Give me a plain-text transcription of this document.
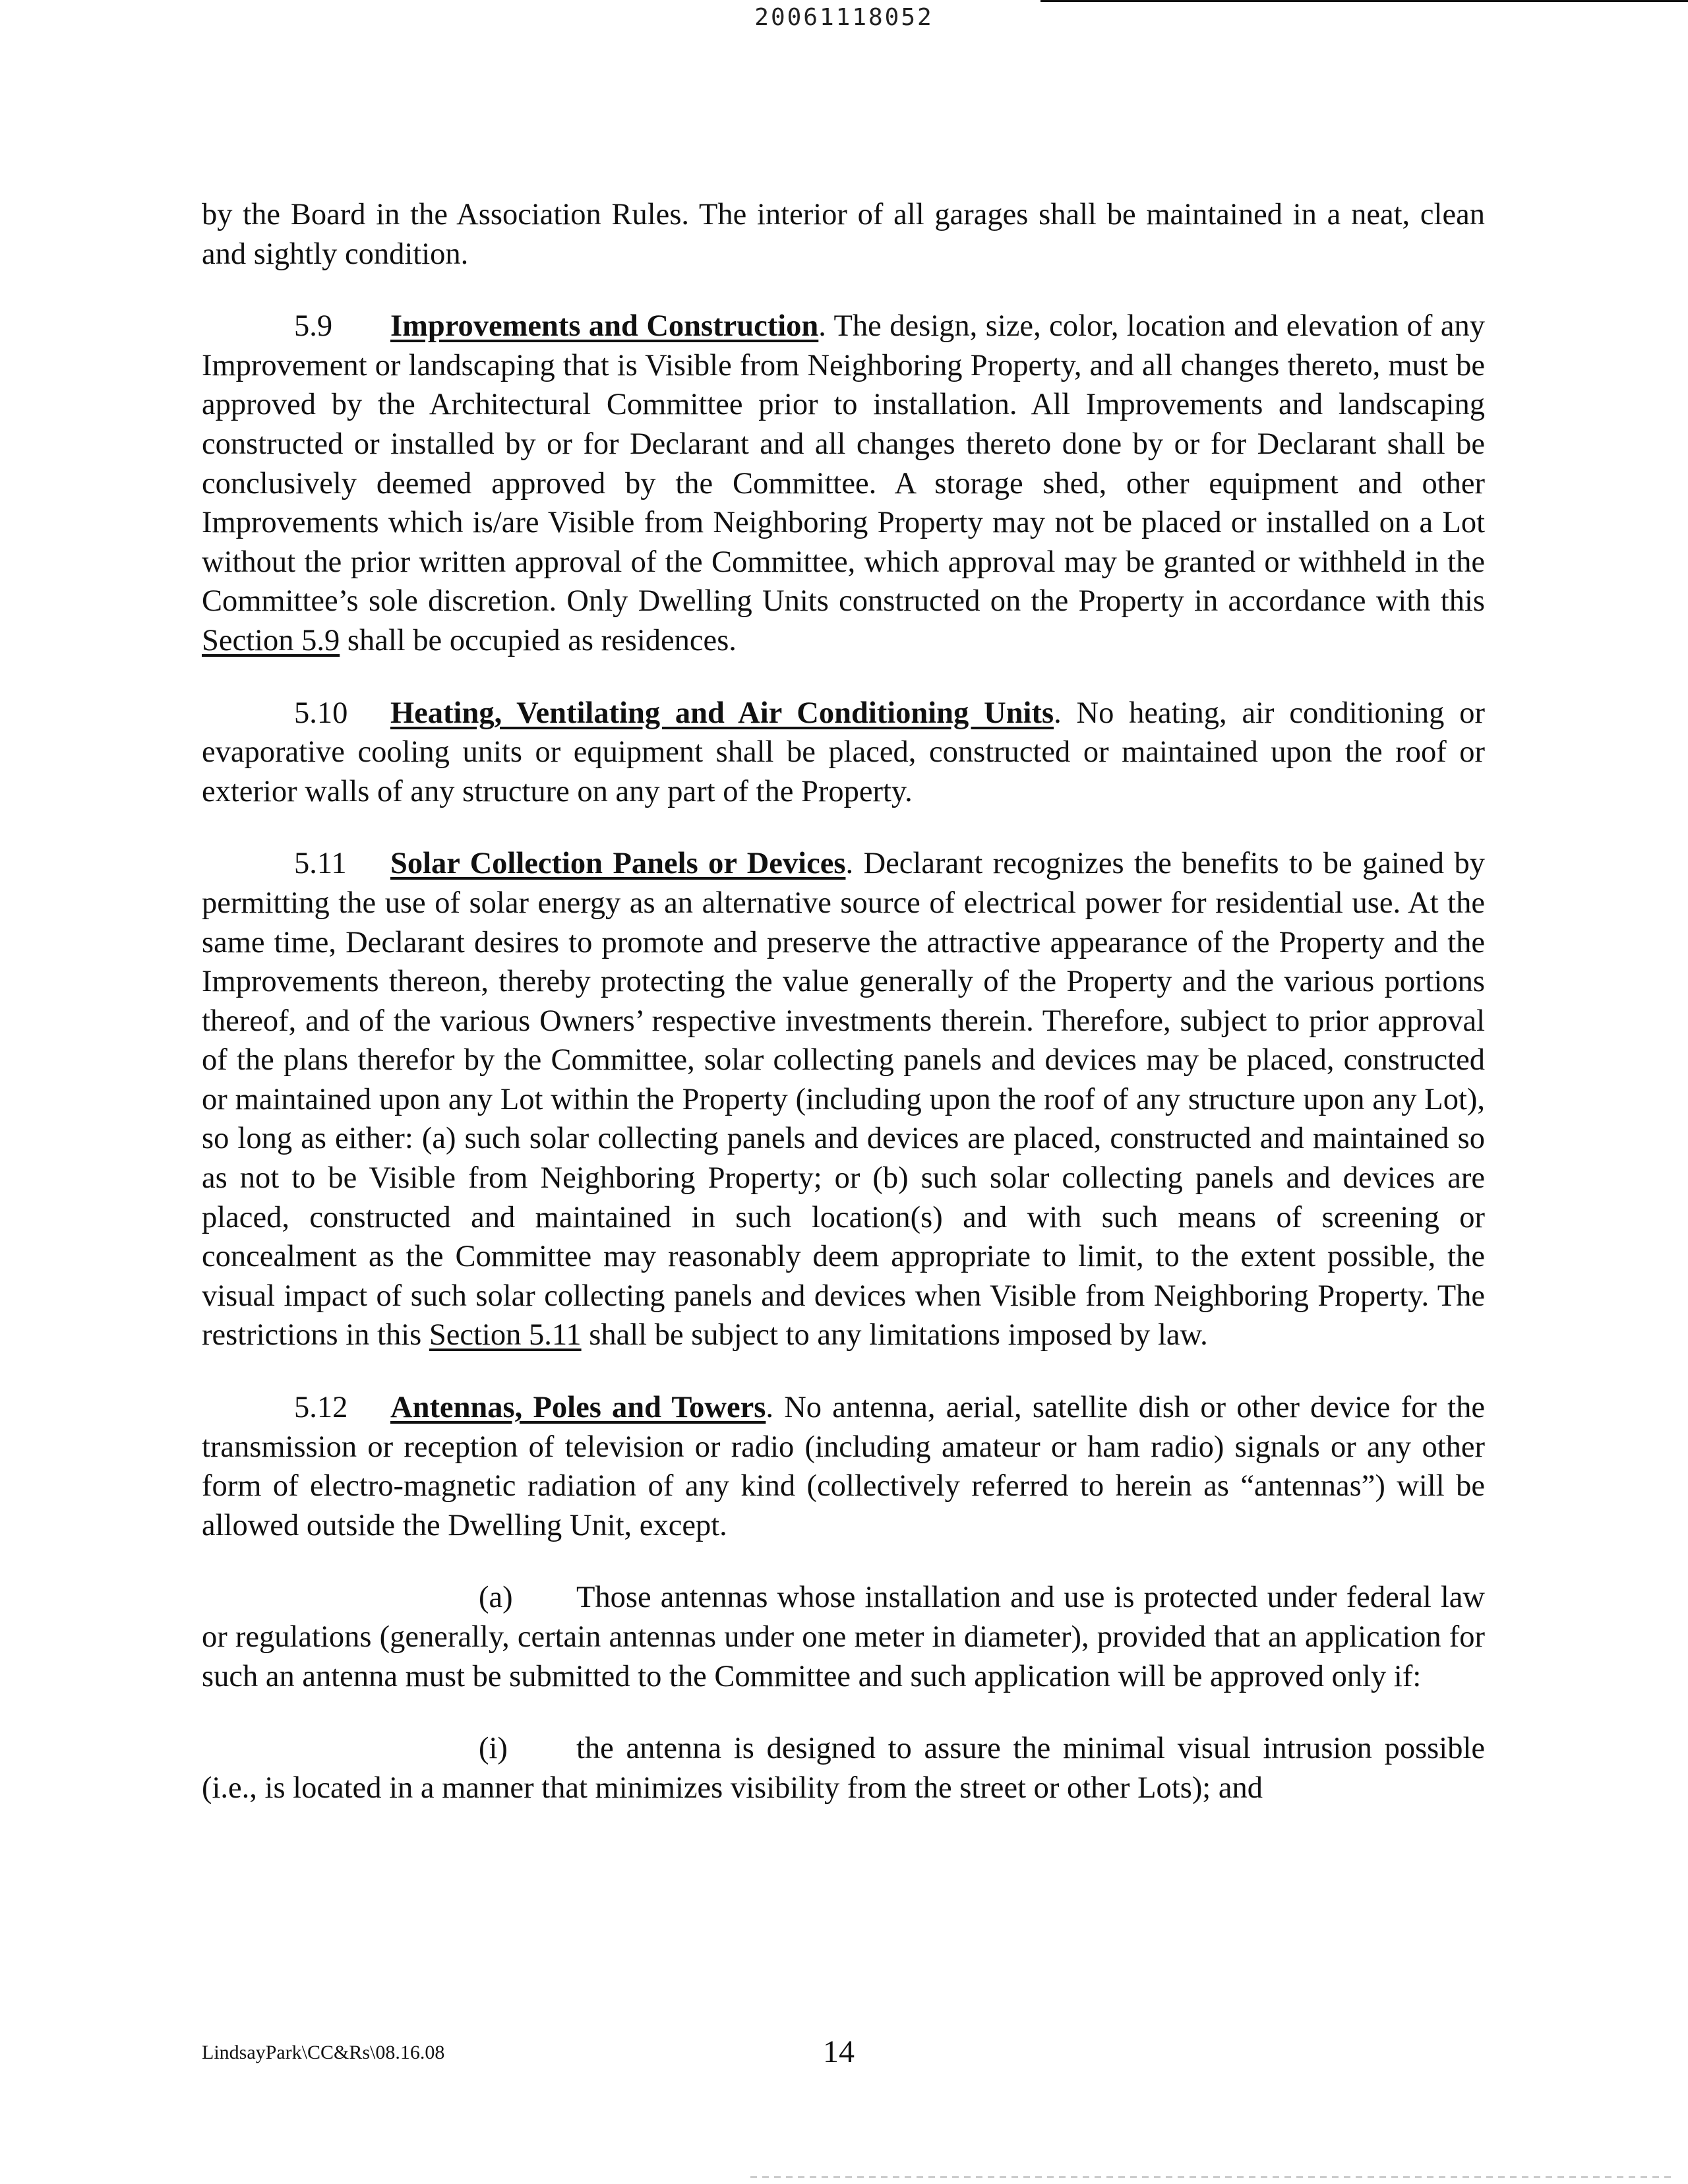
20061118052

by the Board in the Association Rules. The interior of all garages shall be maintained in a neat, clean and sightly condition.

5.9 Improvements and Construction. The design, size, color, location and elevation of any Improvement or landscaping that is Visible from Neighboring Property, and all changes thereto, must be approved by the Architectural Committee prior to installation. All Improvements and landscaping constructed or installed by or for Declarant and all changes thereto done by or for Declarant shall be conclusively deemed approved by the Committee. A storage shed, other equipment and other Improvements which is/are Visible from Neighboring Property may not be placed or installed on a Lot without the prior written approval of the Committee, which approval may be granted or withheld in the Committee’s sole discretion. Only Dwelling Units constructed on the Property in accordance with this Section 5.9 shall be occupied as residences.

5.10 Heating, Ventilating and Air Conditioning Units. No heating, air conditioning or evaporative cooling units or equipment shall be placed, constructed or maintained upon the roof or exterior walls of any structure on any part of the Property.

5.11 Solar Collection Panels or Devices. Declarant recognizes the benefits to be gained by permitting the use of solar energy as an alternative source of electrical power for residential use. At the same time, Declarant desires to promote and preserve the attractive appearance of the Property and the Improvements thereon, thereby protecting the value generally of the Property and the various portions thereof, and of the various Owners’ respective investments therein. Therefore, subject to prior approval of the plans therefor by the Committee, solar collecting panels and devices may be placed, constructed or maintained upon any Lot within the Property (including upon the roof of any structure upon any Lot), so long as either: (a) such solar collecting panels and devices are placed, constructed and maintained so as not to be Visible from Neighboring Property; or (b) such solar collecting panels and devices are placed, constructed and maintained in such location(s) and with such means of screening or concealment as the Committee may reasonably deem appropriate to limit, to the extent possible, the visual impact of such solar collecting panels and devices when Visible from Neighboring Property. The restrictions in this Section 5.11 shall be subject to any limitations imposed by law.

5.12 Antennas, Poles and Towers. No antenna, aerial, satellite dish or other device for the transmission or reception of television or radio (including amateur or ham radio) signals or any other form of electro-magnetic radiation of any kind (collectively referred to herein as “antennas”) will be allowed outside the Dwelling Unit, except.

(a) Those antennas whose installation and use is protected under federal law or regulations (generally, certain antennas under one meter in diameter), provided that an application for such an antenna must be submitted to the Committee and such application will be approved only if:

(i) the antenna is designed to assure the minimal visual intrusion possible (i.e., is located in a manner that minimizes visibility from the street or other Lots); and

LindsayPark\CC&Rs\08.16.08	14
